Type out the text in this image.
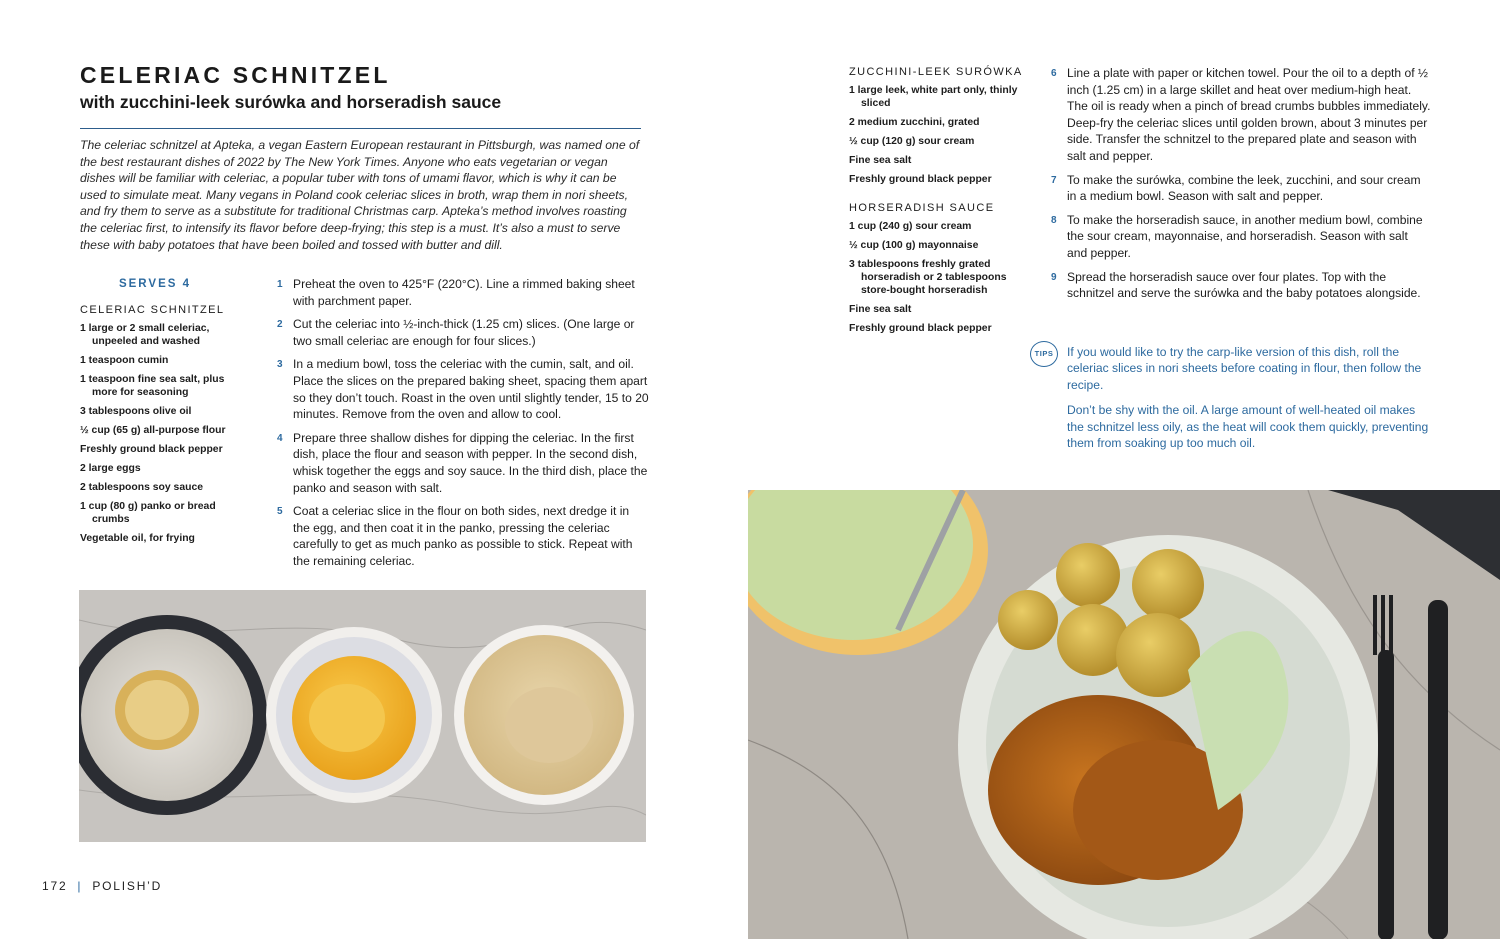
CELERIAC SCHNITZEL
with zucchini-leek surówka and horseradish sauce

The celeriac schnitzel at Apteka, a vegan Eastern European restaurant in Pittsburgh, was named one of the best restaurant dishes of 2022 by The New York Times. Anyone who eats vegetarian or vegan dishes will be familiar with celeriac, a popular tuber with tons of umami flavor, which is why it can be used to simulate meat. Many vegans in Poland cook celeriac slices in broth, wrap them in nori sheets, and fry them to serve as a substitute for traditional Christmas carp. Apteka’s method involves roasting the celeriac first, to intensify its flavor before deep-frying; this step is a must. It’s also a must to serve these with baby potatoes that have been boiled and tossed with butter and dill.

SERVES 4
CELERIAC SCHNITZEL
1 large or 2 small celeriac, unpeeled and washed
1 teaspoon cumin
1 teaspoon fine sea salt, plus more for seasoning
3 tablespoons olive oil
½ cup (65 g) all-purpose flour
Freshly ground black pepper
2 large eggs
2 tablespoons soy sauce
1 cup (80 g) panko or bread crumbs
Vegetable oil, for frying
1 Preheat the oven to 425°F (220°C). Line a rimmed baking sheet with parchment paper.
2 Cut the celeriac into ½-inch-thick (1.25 cm) slices. (One large or two small celeriac are enough for four slices.)
3 In a medium bowl, toss the celeriac with the cumin, salt, and oil. Place the slices on the prepared baking sheet, spacing them apart so they don’t touch. Roast in the oven until slightly tender, 15 to 20 minutes. Remove from the oven and allow to cool.
4 Prepare three shallow dishes for dipping the celeriac. In the first dish, place the flour and season with pepper. In the second dish, whisk together the eggs and soy sauce. In the third dish, place the panko and season with salt.
5 Coat a celeriac slice in the flour on both sides, next dredge it in the egg, and then coat it in the panko, pressing the celeriac carefully to get as much panko as possible to stick. Repeat with the remaining celeriac.
ZUCCHINI-LEEK SURÓWKA
1 large leek, white part only, thinly sliced
2 medium zucchini, grated
½ cup (120 g) sour cream
Fine sea salt
Freshly ground black pepper
HORSERADISH SAUCE
1 cup (240 g) sour cream
½ cup (100 g) mayonnaise
3 tablespoons freshly grated horseradish or 2 tablespoons store-bought horseradish
Fine sea salt
Freshly ground black pepper
6 Line a plate with paper or kitchen towel. Pour the oil to a depth of ½ inch (1.25 cm) in a large skillet and heat over medium-high heat. The oil is ready when a pinch of bread crumbs bubbles immediately. Deep-fry the celeriac slices until golden brown, about 3 minutes per side. Transfer the schnitzel to the prepared plate and season with salt and pepper.
7 To make the surówka, combine the leek, zucchini, and sour cream in a medium bowl. Season with salt and pepper.
8 To make the horseradish sauce, in another medium bowl, combine the sour cream, mayonnaise, and horseradish. Season with salt and pepper.
9 Spread the horseradish sauce over four plates. Top with the schnitzel and serve the surówka and the baby potatoes alongside.
TIPS	If you would like to try the carp-like version of this dish, roll the celeriac slices in nori sheets before coating in flour, then follow the recipe.

Don’t be shy with the oil. A large amount of well-heated oil makes the schnitzel less oily, as the heat will cook them quickly, preventing them from soaking up too much oil.

172 | POLISH’D
